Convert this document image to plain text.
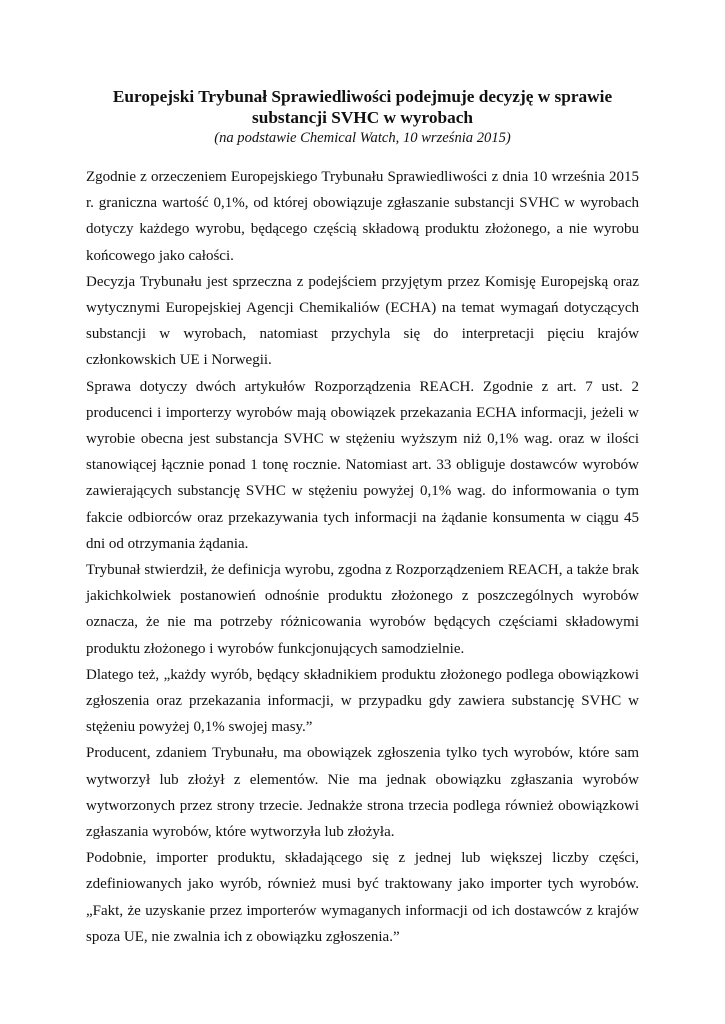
Europejski Trybunał Sprawiedliwości podejmuje decyzję w sprawie
substancji SVHC w wyrobach

(na podstawie Chemical Watch, 10 września 2015)

Zgodnie z orzeczeniem Europejskiego Trybunału Sprawiedliwości z dnia 10 września 2015 r. graniczna wartość 0,1%, od której obowiązuje zgłaszanie substancji SVHC w wyrobach dotyczy każdego wyrobu, będącego częścią składową produktu złożonego, a nie wyrobu końcowego jako całości.

Decyzja Trybunału jest sprzeczna z podejściem przyjętym przez Komisję Europejską oraz wytycznymi Europejskiej Agencji Chemikaliów (ECHA) na temat wymagań dotyczących substancji w wyrobach, natomiast przychyla się do interpretacji pięciu krajów członkowskich UE i Norwegii.

Sprawa dotyczy dwóch artykułów Rozporządzenia REACH. Zgodnie z art. 7 ust. 2 producenci i importerzy wyrobów mają obowiązek przekazania ECHA informacji, jeżeli w wyrobie obecna jest substancja SVHC w stężeniu wyższym niż 0,1% wag. oraz w ilości stanowiącej łącznie ponad 1 tonę rocznie. Natomiast art. 33 obliguje dostawców wyrobów zawierających substancję SVHC w stężeniu powyżej 0,1% wag. do informowania o tym fakcie odbiorców oraz przekazywania tych informacji na żądanie konsumenta w ciągu 45 dni od otrzymania żądania.

Trybunał stwierdził, że definicja wyrobu, zgodna z Rozporządzeniem REACH, a także brak jakichkolwiek postanowień odnośnie produktu złożonego z poszczególnych wyrobów oznacza, że nie ma potrzeby różnicowania wyrobów będących częściami składowymi produktu złożonego i wyrobów funkcjonujących samodzielnie.

Dlatego też, „każdy wyrób, będący składnikiem produktu złożonego podlega obowiązkowi zgłoszenia oraz przekazania informacji, w przypadku gdy zawiera substancję SVHC w stężeniu powyżej 0,1% swojej masy.”

Producent, zdaniem Trybunału, ma obowiązek zgłoszenia tylko tych wyrobów, które sam wytworzył lub złożył z elementów. Nie ma jednak obowiązku zgłaszania wyrobów wytworzonych przez strony trzecie. Jednakże strona trzecia podlega również obowiązkowi zgłaszania wyrobów, które wytworzyła lub złożyła.

Podobnie, importer produktu, składającego się z jednej lub większej liczby części, zdefiniowanych jako wyrób, również musi być traktowany jako importer tych wyrobów. „Fakt, że uzyskanie przez importerów wymaganych informacji od ich dostawców z krajów spoza UE, nie zwalnia ich z obowiązku zgłoszenia.”
